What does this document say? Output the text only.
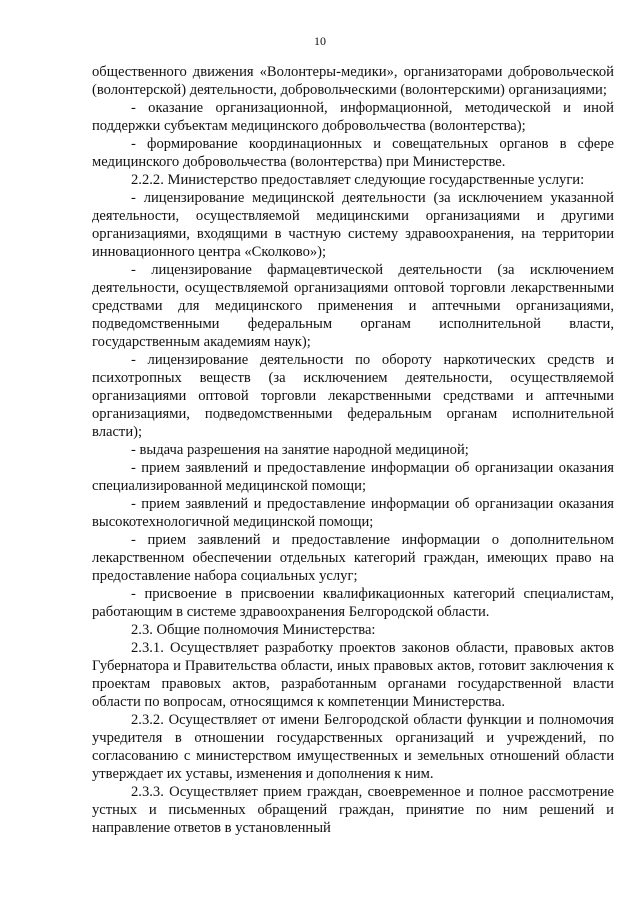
10

общественного движения «Волонтеры-медики», организаторами добровольческой (волонтерской) деятельности, добровольческими (волонтерскими) организациями;

- оказание организационной, информационной, методической и иной поддержки субъектам медицинского добровольчества (волонтерства);

- формирование координационных и совещательных органов в сфере медицинского добровольчества (волонтерства) при Министерстве.

2.2.2. Министерство предоставляет следующие государственные услуги:

- лицензирование медицинской деятельности (за исключением указанной деятельности, осуществляемой медицинскими организациями и другими организациями, входящими в частную систему здравоохранения, на территории инновационного центра «Сколково»);

- лицензирование фармацевтической деятельности (за исключением деятельности, осуществляемой организациями оптовой торговли лекарственными средствами для медицинского применения и аптечными организациями, подведомственными федеральным органам исполнительной власти, государственным академиям наук);

- лицензирование деятельности по обороту наркотических средств и психотропных веществ (за исключением деятельности, осуществляемой организациями оптовой торговли лекарственными средствами и аптечными организациями, подведомственными федеральным органам исполнительной власти);

- выдача разрешения на занятие народной медициной;

- прием заявлений и предоставление информации об организации оказания специализированной медицинской помощи;

- прием заявлений и предоставление информации об организации оказания высокотехнологичной медицинской помощи;

- прием заявлений и предоставление информации о дополнительном лекарственном обеспечении отдельных категорий граждан, имеющих право на предоставление набора социальных услуг;

- присвоение в присвоении квалификационных категорий специалистам, работающим в системе здравоохранения Белгородской области.

2.3. Общие полномочия Министерства:

2.3.1. Осуществляет разработку проектов законов области, правовых актов Губернатора и Правительства области, иных правовых актов, готовит заключения к проектам правовых актов, разработанным органами государственной власти области по вопросам, относящимся к компетенции Министерства.

2.3.2. Осуществляет от имени Белгородской области функции и полномочия учредителя в отношении государственных организаций и учреждений, по согласованию с министерством имущественных и земельных отношений области утверждает их уставы, изменения и дополнения к ним.

2.3.3. Осуществляет прием граждан, своевременное и полное рассмотрение устных и письменных обращений граждан, принятие по ним решений и направление ответов в установленный
